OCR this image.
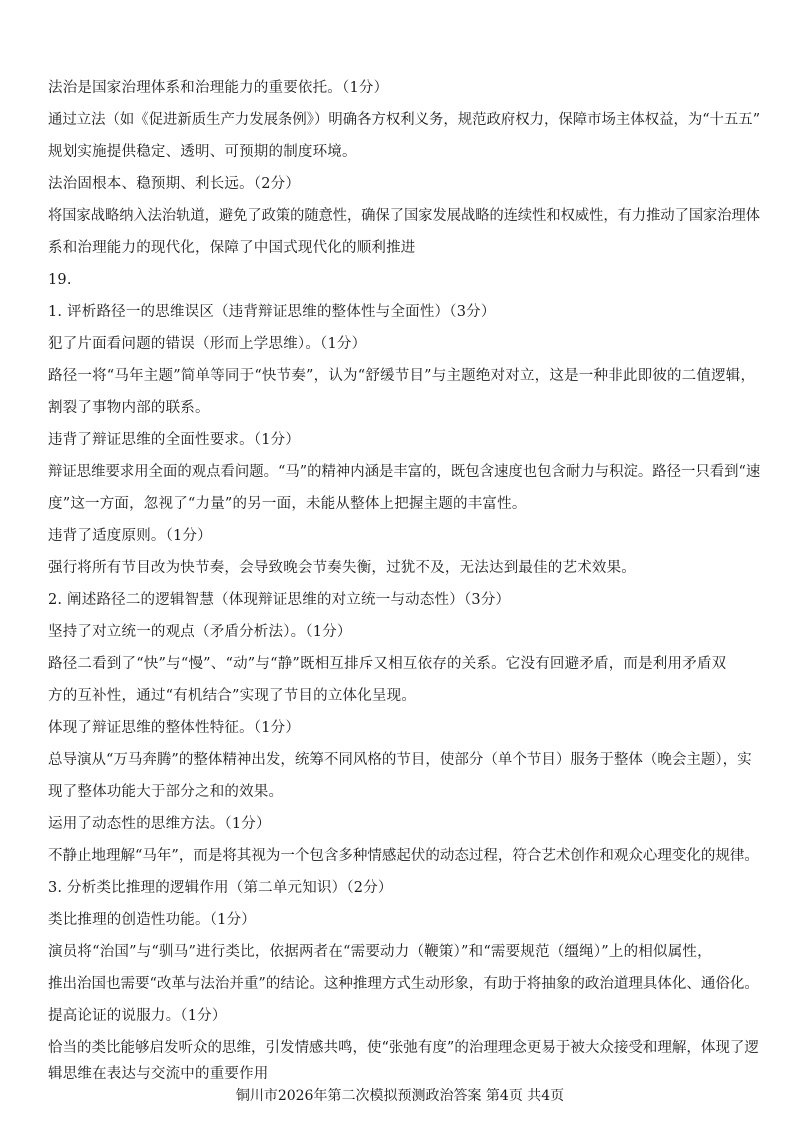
法治是国家治理体系和治理能力的重要依托。（1分）
通过立法（如《促进新质生产力发展条例》）明确各方权利义务，规范政府权力，保障市场主体权益，为“十五五”
规划实施提供稳定、透明、可预期的制度环境。
法治固根本、稳预期、利长远。（2分）
将国家战略纳入法治轨道，避免了政策的随意性，确保了国家发展战略的连续性和权威性，有力推动了国家治理体
系和治理能力的现代化，保障了中国式现代化的顺利推进
19.
1. 评析路径一的思维误区（违背辩证思维的整体性与全面性）（3分）
犯了片面看问题的错误（形而上学思维）。（1分）
路径一将“马年主题”简单等同于“快节奏”，认为“舒缓节目”与主题绝对对立，这是一种非此即彼的二值逻辑，
割裂了事物内部的联系。
违背了辩证思维的全面性要求。（1分）
辩证思维要求用全面的观点看问题。“马”的精神内涵是丰富的，既包含速度也包含耐力与积淀。路径一只看到“速
度”这一方面，忽视了“力量”的另一面，未能从整体上把握主题的丰富性。
违背了适度原则。（1分）
强行将所有节目改为快节奏，会导致晚会节奏失衡，过犹不及，无法达到最佳的艺术效果。
2. 阐述路径二的逻辑智慧（体现辩证思维的对立统一与动态性）（3分）
坚持了对立统一的观点（矛盾分析法）。（1分）
路径二看到了“快”与“慢”、“动”与“静”既相互排斥又相互依存的关系。它没有回避矛盾，而是利用矛盾双
方的互补性，通过“有机结合”实现了节目的立体化呈现。
体现了辩证思维的整体性特征。（1分）
总导演从“万马奔腾”的整体精神出发，统筹不同风格的节目，使部分（单个节目）服务于整体（晚会主题），实
现了整体功能大于部分之和的效果。
运用了动态性的思维方法。（1分）
不静止地理解“马年”，而是将其视为一个包含多种情感起伏的动态过程，符合艺术创作和观众心理变化的规律。
3. 分析类比推理的逻辑作用（第二单元知识）（2分）
类比推理的创造性功能。（1分）
演员将“治国”与“驯马”进行类比，依据两者在“需要动力（鞭策）”和“需要规范（缰绳）”上的相似属性，
推出治国也需要“改革与法治并重”的结论。这种推理方式生动形象，有助于将抽象的政治道理具体化、通俗化。
提高论证的说服力。（1分）
恰当的类比能够启发听众的思维，引发情感共鸣，使“张弛有度”的治理理念更易于被大众接受和理解，体现了逻
辑思维在表达与交流中的重要作用
铜川市2026年第二次模拟预测政治答案 第4页 共4页
